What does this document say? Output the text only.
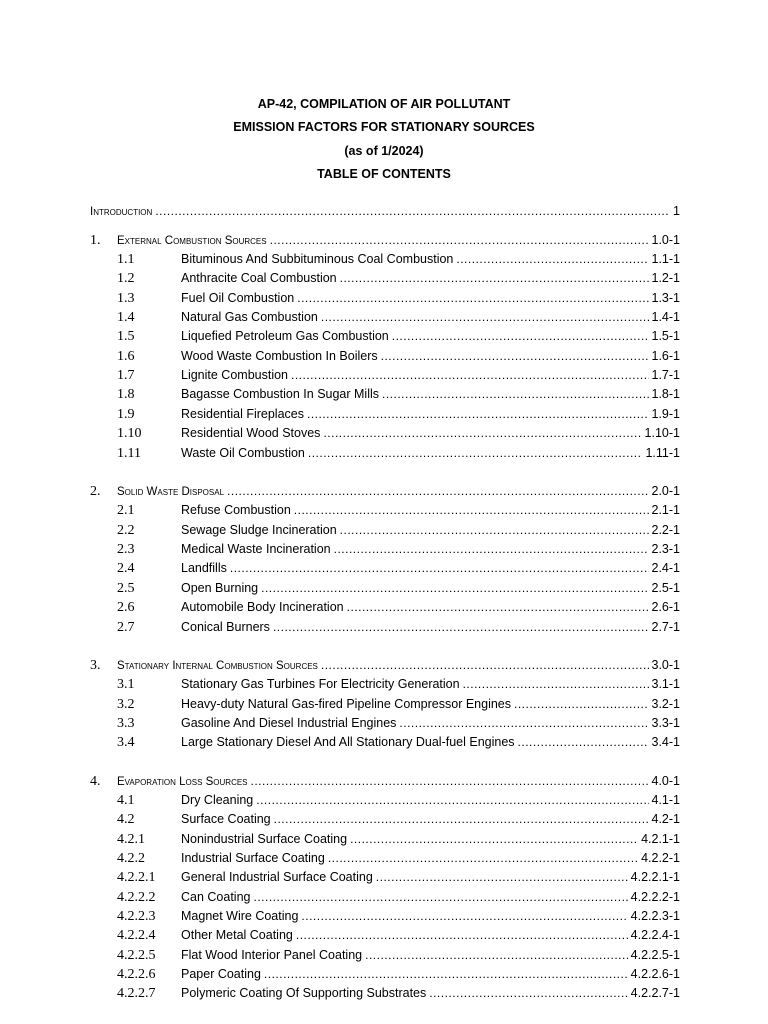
AP-42, COMPILATION OF AIR POLLUTANT
EMISSION FACTORS FOR STATIONARY SOURCES
(as of 1/2024)
TABLE OF CONTENTS
Introduction .....	1
1.	External Combustion Sources .....	1.0-1
1.1	Bituminous And Subbituminous Coal Combustion .....	1.1-1
1.2	Anthracite Coal Combustion .....	1.2-1
1.3	Fuel Oil Combustion .....	1.3-1
1.4	Natural Gas Combustion .....	1.4-1
1.5	Liquefied Petroleum Gas Combustion .....	1.5-1
1.6	Wood Waste Combustion In Boilers .....	1.6-1
1.7	Lignite Combustion .....	1.7-1
1.8	Bagasse Combustion In Sugar Mills .....	1.8-1
1.9	Residential Fireplaces .....	1.9-1
1.10	Residential Wood Stoves .....	1.10-1
1.11	Waste Oil Combustion .....	1.11-1
2.	Solid Waste Disposal .....	2.0-1
2.1	Refuse Combustion .....	2.1-1
2.2	Sewage Sludge Incineration .....	2.2-1
2.3	Medical Waste Incineration .....	2.3-1
2.4	Landfills .....	2.4-1
2.5	Open Burning .....	2.5-1
2.6	Automobile Body Incineration .....	2.6-1
2.7	Conical Burners .....	2.7-1
3.	Stationary Internal Combustion Sources .....	3.0-1
3.1	Stationary Gas Turbines For Electricity Generation .....	3.1-1
3.2	Heavy-duty Natural Gas-fired Pipeline Compressor Engines .....	3.2-1
3.3	Gasoline And Diesel Industrial Engines .....	3.3-1
3.4	Large Stationary Diesel And All Stationary Dual-fuel Engines .....	3.4-1
4.	Evaporation Loss Sources .....	4.0-1
4.1	Dry Cleaning .....	4.1-1
4.2	Surface Coating .....	4.2-1
4.2.1	Nonindustrial Surface Coating .....	4.2.1-1
4.2.2	Industrial Surface Coating .....	4.2.2-1
4.2.2.1	General Industrial Surface Coating .....	4.2.2.1-1
4.2.2.2	Can Coating .....	4.2.2.2-1
4.2.2.3	Magnet Wire Coating .....	4.2.2.3-1
4.2.2.4	Other Metal Coating .....	4.2.2.4-1
4.2.2.5	Flat Wood Interior Panel Coating .....	4.2.2.5-1
4.2.2.6	Paper Coating .....	4.2.2.6-1
4.2.2.7	Polymeric Coating Of Supporting Substrates .....	4.2.2.7-1
